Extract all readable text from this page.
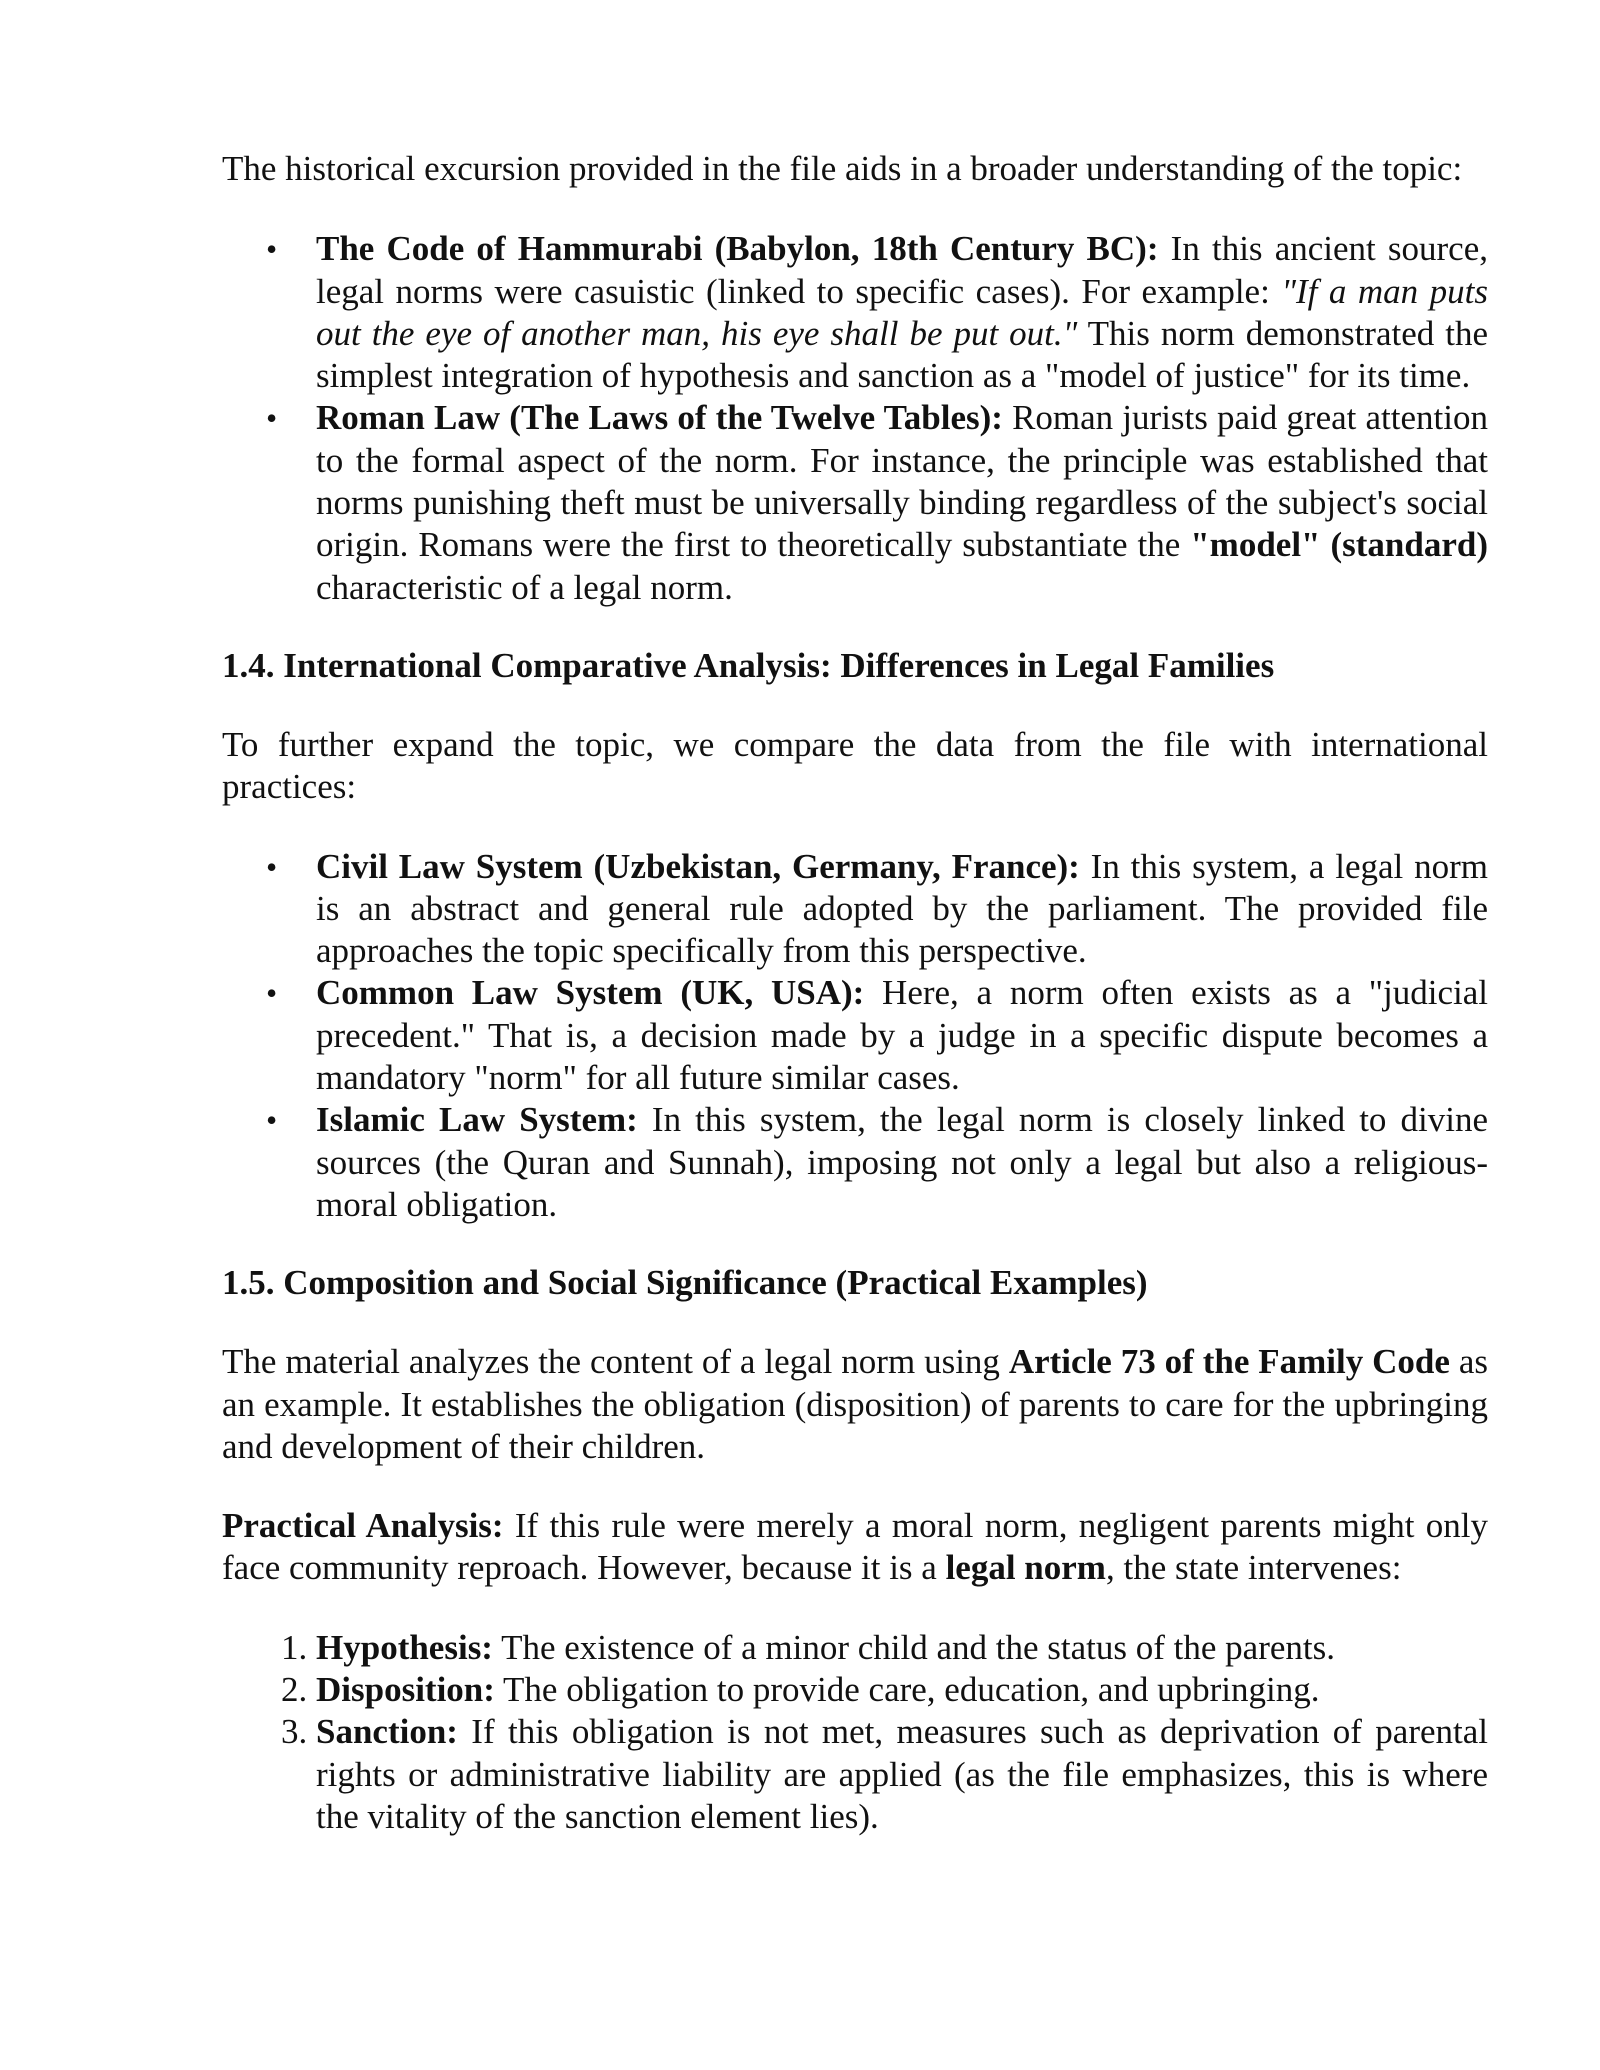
The historical excursion provided in the file aids in a broader understanding of the topic:

• The Code of Hammurabi (Babylon, 18th Century BC): In this ancient source, legal norms were casuistic (linked to specific cases). For example: "If a man puts out the eye of another man, his eye shall be put out." This norm demonstrated the simplest integration of hypothesis and sanction as a "model of justice" for its time.
• Roman Law (The Laws of the Twelve Tables): Roman jurists paid great attention to the formal aspect of the norm. For instance, the principle was established that norms punishing theft must be universally binding regardless of the subject's social origin. Romans were the first to theoretically substantiate the "model" (standard) characteristic of a legal norm.
1.4. International Comparative Analysis: Differences in Legal Families

To further expand the topic, we compare the data from the file with international practices:

• Civil Law System (Uzbekistan, Germany, France): In this system, a legal norm is an abstract and general rule adopted by the parliament. The provided file approaches the topic specifically from this perspective.
• Common Law System (UK, USA): Here, a norm often exists as a "judicial precedent." That is, a decision made by a judge in a specific dispute becomes a mandatory "norm" for all future similar cases.
• Islamic Law System: In this system, the legal norm is closely linked to divine sources (the Quran and Sunnah), imposing not only a legal but also a religious-moral obligation.
1.5. Composition and Social Significance (Practical Examples)

The material analyzes the content of a legal norm using Article 73 of the Family Code as an example. It establishes the obligation (disposition) of parents to care for the upbringing and development of their children.

Practical Analysis: If this rule were merely a moral norm, negligent parents might only face community reproach. However, because it is a legal norm, the state intervenes:

1. Hypothesis: The existence of a minor child and the status of the parents.
2. Disposition: The obligation to provide care, education, and upbringing.
3. Sanction: If this obligation is not met, measures such as deprivation of parental rights or administrative liability are applied (as the file emphasizes, this is where the vitality of the sanction element lies).
